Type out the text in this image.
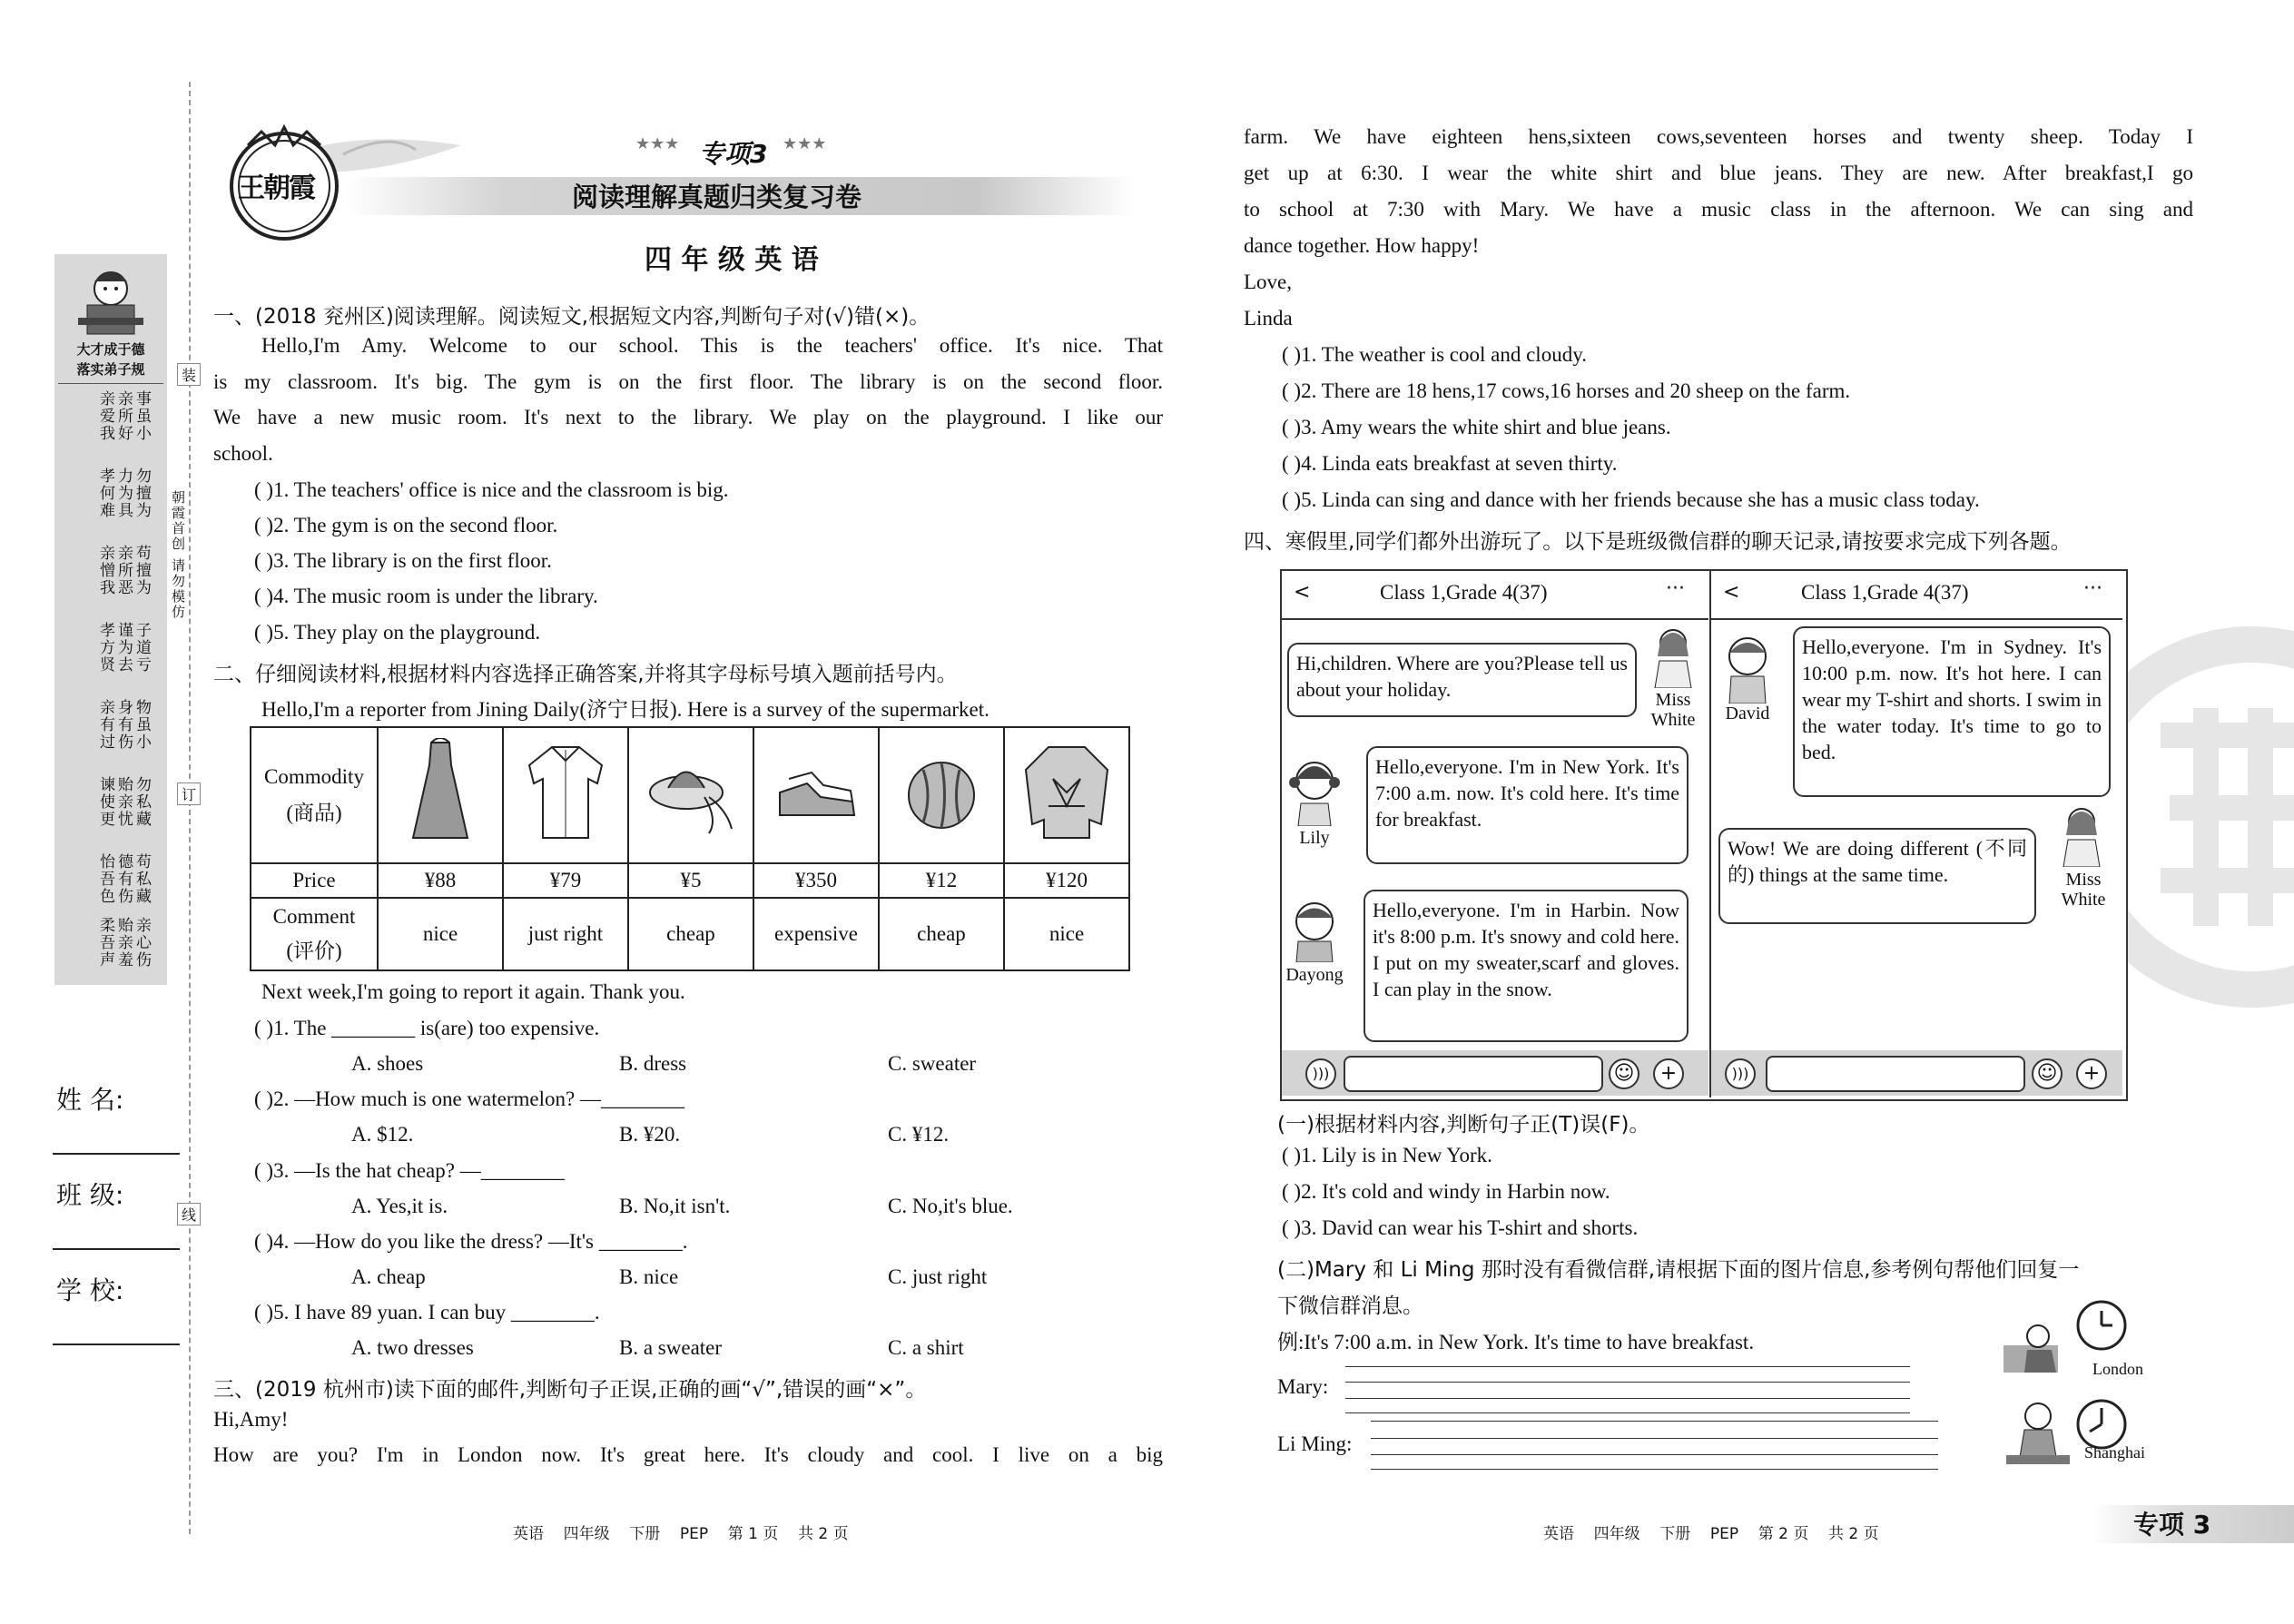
装
订
线
朝霞首创 请勿模仿
大才成于德
落实弟子规
事虽小
亲所好
亲爱我
勿擅为
力为具
孝何难
苟擅为
亲所恶
亲憎我
子道亏
谨为去
孝方贤
物虽小
身有伤
亲有过
勿私藏
贻亲忧
谏使更
苟私藏
德有伤
怡吾色
亲心伤
贻亲羞
柔吾声
姓 名:
班 级:
学 校:
王朝霞
★★★ 专项3 ★★★
阅读理解真题归类复习卷
四 年 级 英 语
一、(2018 兖州区)阅读理解。阅读短文,根据短文内容,判断句子对(√)错(×)。
Hello,I'm Amy. Welcome to our school. This is the teachers' office. It's nice. That
is my classroom. It's big. The gym is on the first floor. The library is on the second floor.
We have a new music room. It's next to the library. We play on the playground. I like our
school.
( )1. The teachers' office is nice and the classroom is big.
( )2. The gym is on the second floor.
( )3. The library is on the first floor.
( )4. The music room is under the library.
( )5. They play on the playground.
二、仔细阅读材料,根据材料内容选择正确答案,并将其字母标号填入题前括号内。
Hello,I'm a reporter from Jining Daily(济宁日报). Here is a survey of the supermarket.
Commodity
(商品)

Price	¥88	¥79	¥5	¥350	¥12	¥120

Comment
(评价)	nice	just right	cheap	expensive	cheap	nice
Next week,I'm going to report it again. Thank you.
( )1. The ________ is(are) too expensive.
A. shoes	B. dress	C. sweater
( )2. —How much is one watermelon? —________
A. $12.	B. ¥20.	C. ¥12.
( )3. —Is the hat cheap? —________
A. Yes,it is.	B. No,it isn't.	C. No,it's blue.
( )4. —How do you like the dress? —It's ________.
A. cheap	B. nice	C. just right
( )5. I have 89 yuan. I can buy ________.
A. two dresses	B. a sweater	C. a shirt
三、(2019 杭州市)读下面的邮件,判断句子正误,正确的画“√”,错误的画“×”。
Hi,Amy!
How are you? I'm in London now. It's great here. It's cloudy and cool. I live on a big
英语    四年级    下册    PEP    第 1 页    共 2 页
farm. We have eighteen hens,sixteen cows,seventeen horses and twenty sheep. Today I
get up at 6:30. I wear the white shirt and blue jeans. They are new. After breakfast,I go
to school at 7:30 with Mary. We have a music class in the afternoon. We can sing and
dance together. How happy!
Love,
Linda
( )1. The weather is cool and cloudy.
( )2. There are 18 hens,17 cows,16 horses and 20 sheep on the farm.
( )3. Amy wears the white shirt and blue jeans.
( )4. Linda eats breakfast at seven thirty.
( )5. Linda can sing and dance with her friends because she has a music class today.
四、寒假里,同学们都外出游玩了。以下是班级微信群的聊天记录,请按要求完成下列各题。
<	Class 1,Grade 4(37)	···
Hi,children. Where are you?Please tell us about your holiday.	Miss White
Lily
Hello,everyone. I'm in New York. It's 7:00 a.m. now. It's cold here. It's time for breakfast.
Dayong
Hello,everyone. I'm in Harbin. Now it's 8:00 p.m. It's snowy and cold here. I put on my sweater,scarf and gloves. I can play in the snow.
)))	☺	+
<	Class 1,Grade 4(37)	···
David
Hello,everyone. I'm in Sydney. It's 10:00 p.m. now. It's hot here. I can wear my T-shirt and shorts. I swim in the water today. It's time to go to bed.
Wow! We are doing different (不同的) things at the same time.	Miss White
)))	☺	+
(一)根据材料内容,判断句子正(T)误(F)。
( )1. Lily is in New York.
( )2. It's cold and windy in Harbin now.
( )3. David can wear his T-shirt and shorts.
(二)Mary 和 Li Ming 那时没有看微信群,请根据下面的图片信息,参考例句帮他们回复一
下微信群消息。
例:It's 7:00 a.m. in New York. It's time to have breakfast.
Mary:
Li Ming:
London
Shanghai
英语    四年级    下册    PEP    第 2 页    共 2 页	专项 3
